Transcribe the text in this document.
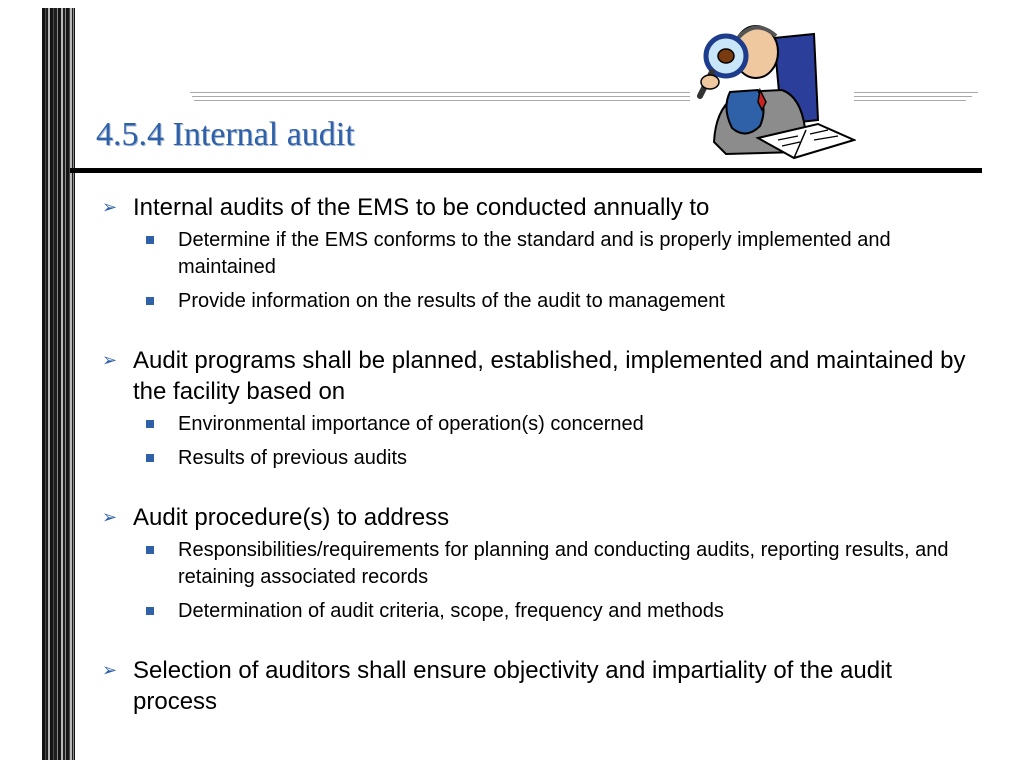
4.5.4 Internal audit
➢ Internal audits of the EMS to be conducted annually to
Determine if the EMS conforms to the standard and is properly implemented and maintained
Provide information on the results of the audit to management
➢ Audit programs shall be planned, established, implemented and maintained by the facility based on
Environmental importance of operation(s) concerned
Results of previous audits
➢ Audit procedure(s) to address
Responsibilities/requirements for planning and conducting audits, reporting results, and retaining associated records
Determination of audit criteria, scope, frequency and methods
➢ Selection of auditors shall ensure objectivity and impartiality of the audit process
